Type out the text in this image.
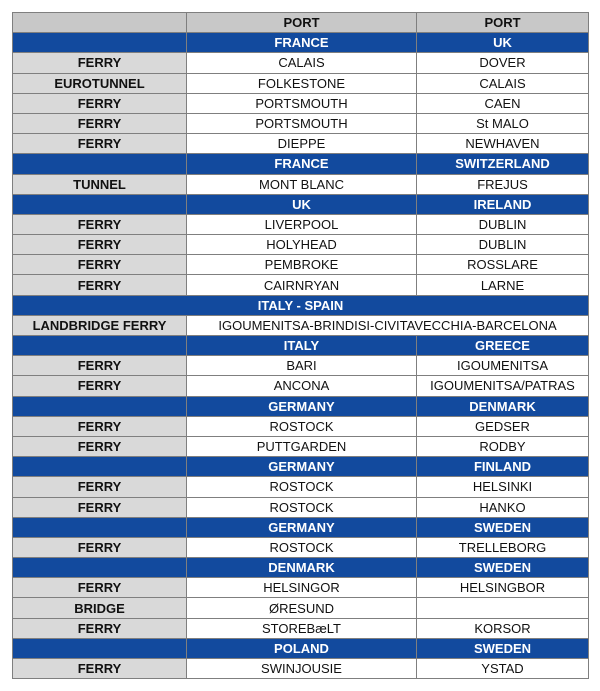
	PORT	PORT
	FRANCE	UK
FERRY	CALAIS	DOVER
EUROTUNNEL	FOLKESTONE	CALAIS
FERRY	PORTSMOUTH	CAEN
FERRY	PORTSMOUTH	St MALO
FERRY	DIEPPE	NEWHAVEN
	FRANCE	SWITZERLAND
TUNNEL	MONT BLANC	FREJUS
	UK	IRELAND
FERRY	LIVERPOOL	DUBLIN
FERRY	HOLYHEAD	DUBLIN
FERRY	PEMBROKE	ROSSLARE
FERRY	CAIRNRYAN	LARNE
ITALY - SPAIN		
LANDBRIDGE FERRY	IGOUMENITSA-BRINDISI-CIVITAVECCHIA-BARCELONA	
	ITALY	GREECE
FERRY	BARI	IGOUMENITSA
FERRY	ANCONA	IGOUMENITSA/PATRAS
	GERMANY	DENMARK
FERRY	ROSTOCK	GEDSER
FERRY	PUTTGARDEN	RODBY
	GERMANY	FINLAND
FERRY	ROSTOCK	HELSINKI
FERRY	ROSTOCK	HANKO
	GERMANY	SWEDEN
FERRY	ROSTOCK	TRELLEBORG
	DENMARK	SWEDEN
FERRY	HELSINGOR	HELSINGBOR
BRIDGE	ØRESUND	
FERRY	STOREBæLT	KORSOR
	POLAND	SWEDEN
FERRY	SWINJOUSIE	YSTAD
